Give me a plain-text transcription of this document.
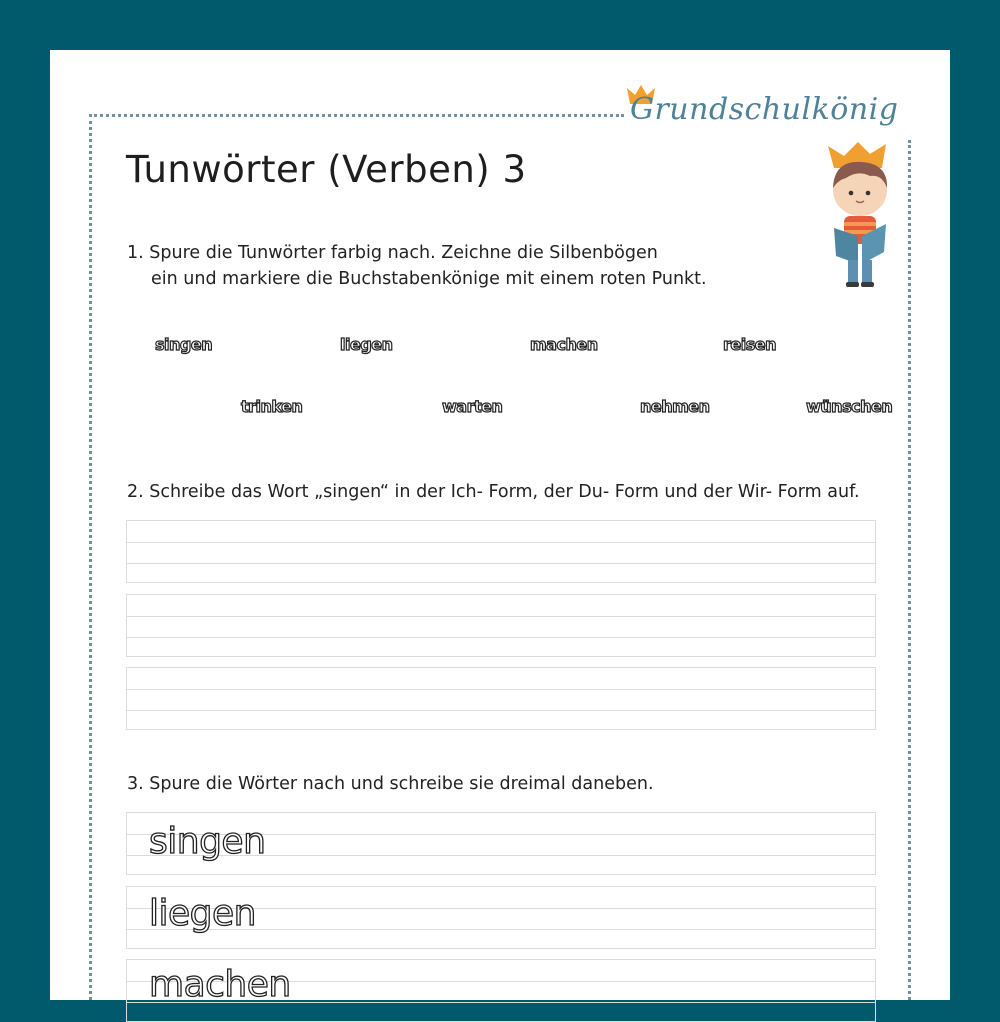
Grundschulkönig
Tunwörter (Verben) 3
1. Spure die Tunwörter farbig nach. Zeichne die Silbenbögen
ein und markiere die Buchstabenkönige mit einem roten Punkt.
singen	liegen	machen	reisen
trinken	warten	nehmen	wünschen
2. Schreibe das Wort „singen“ in der Ich- Form, der Du- Form und der Wir- Form auf.
3. Spure die Wörter nach und schreibe sie dreimal daneben.
singen
liegen
machen
